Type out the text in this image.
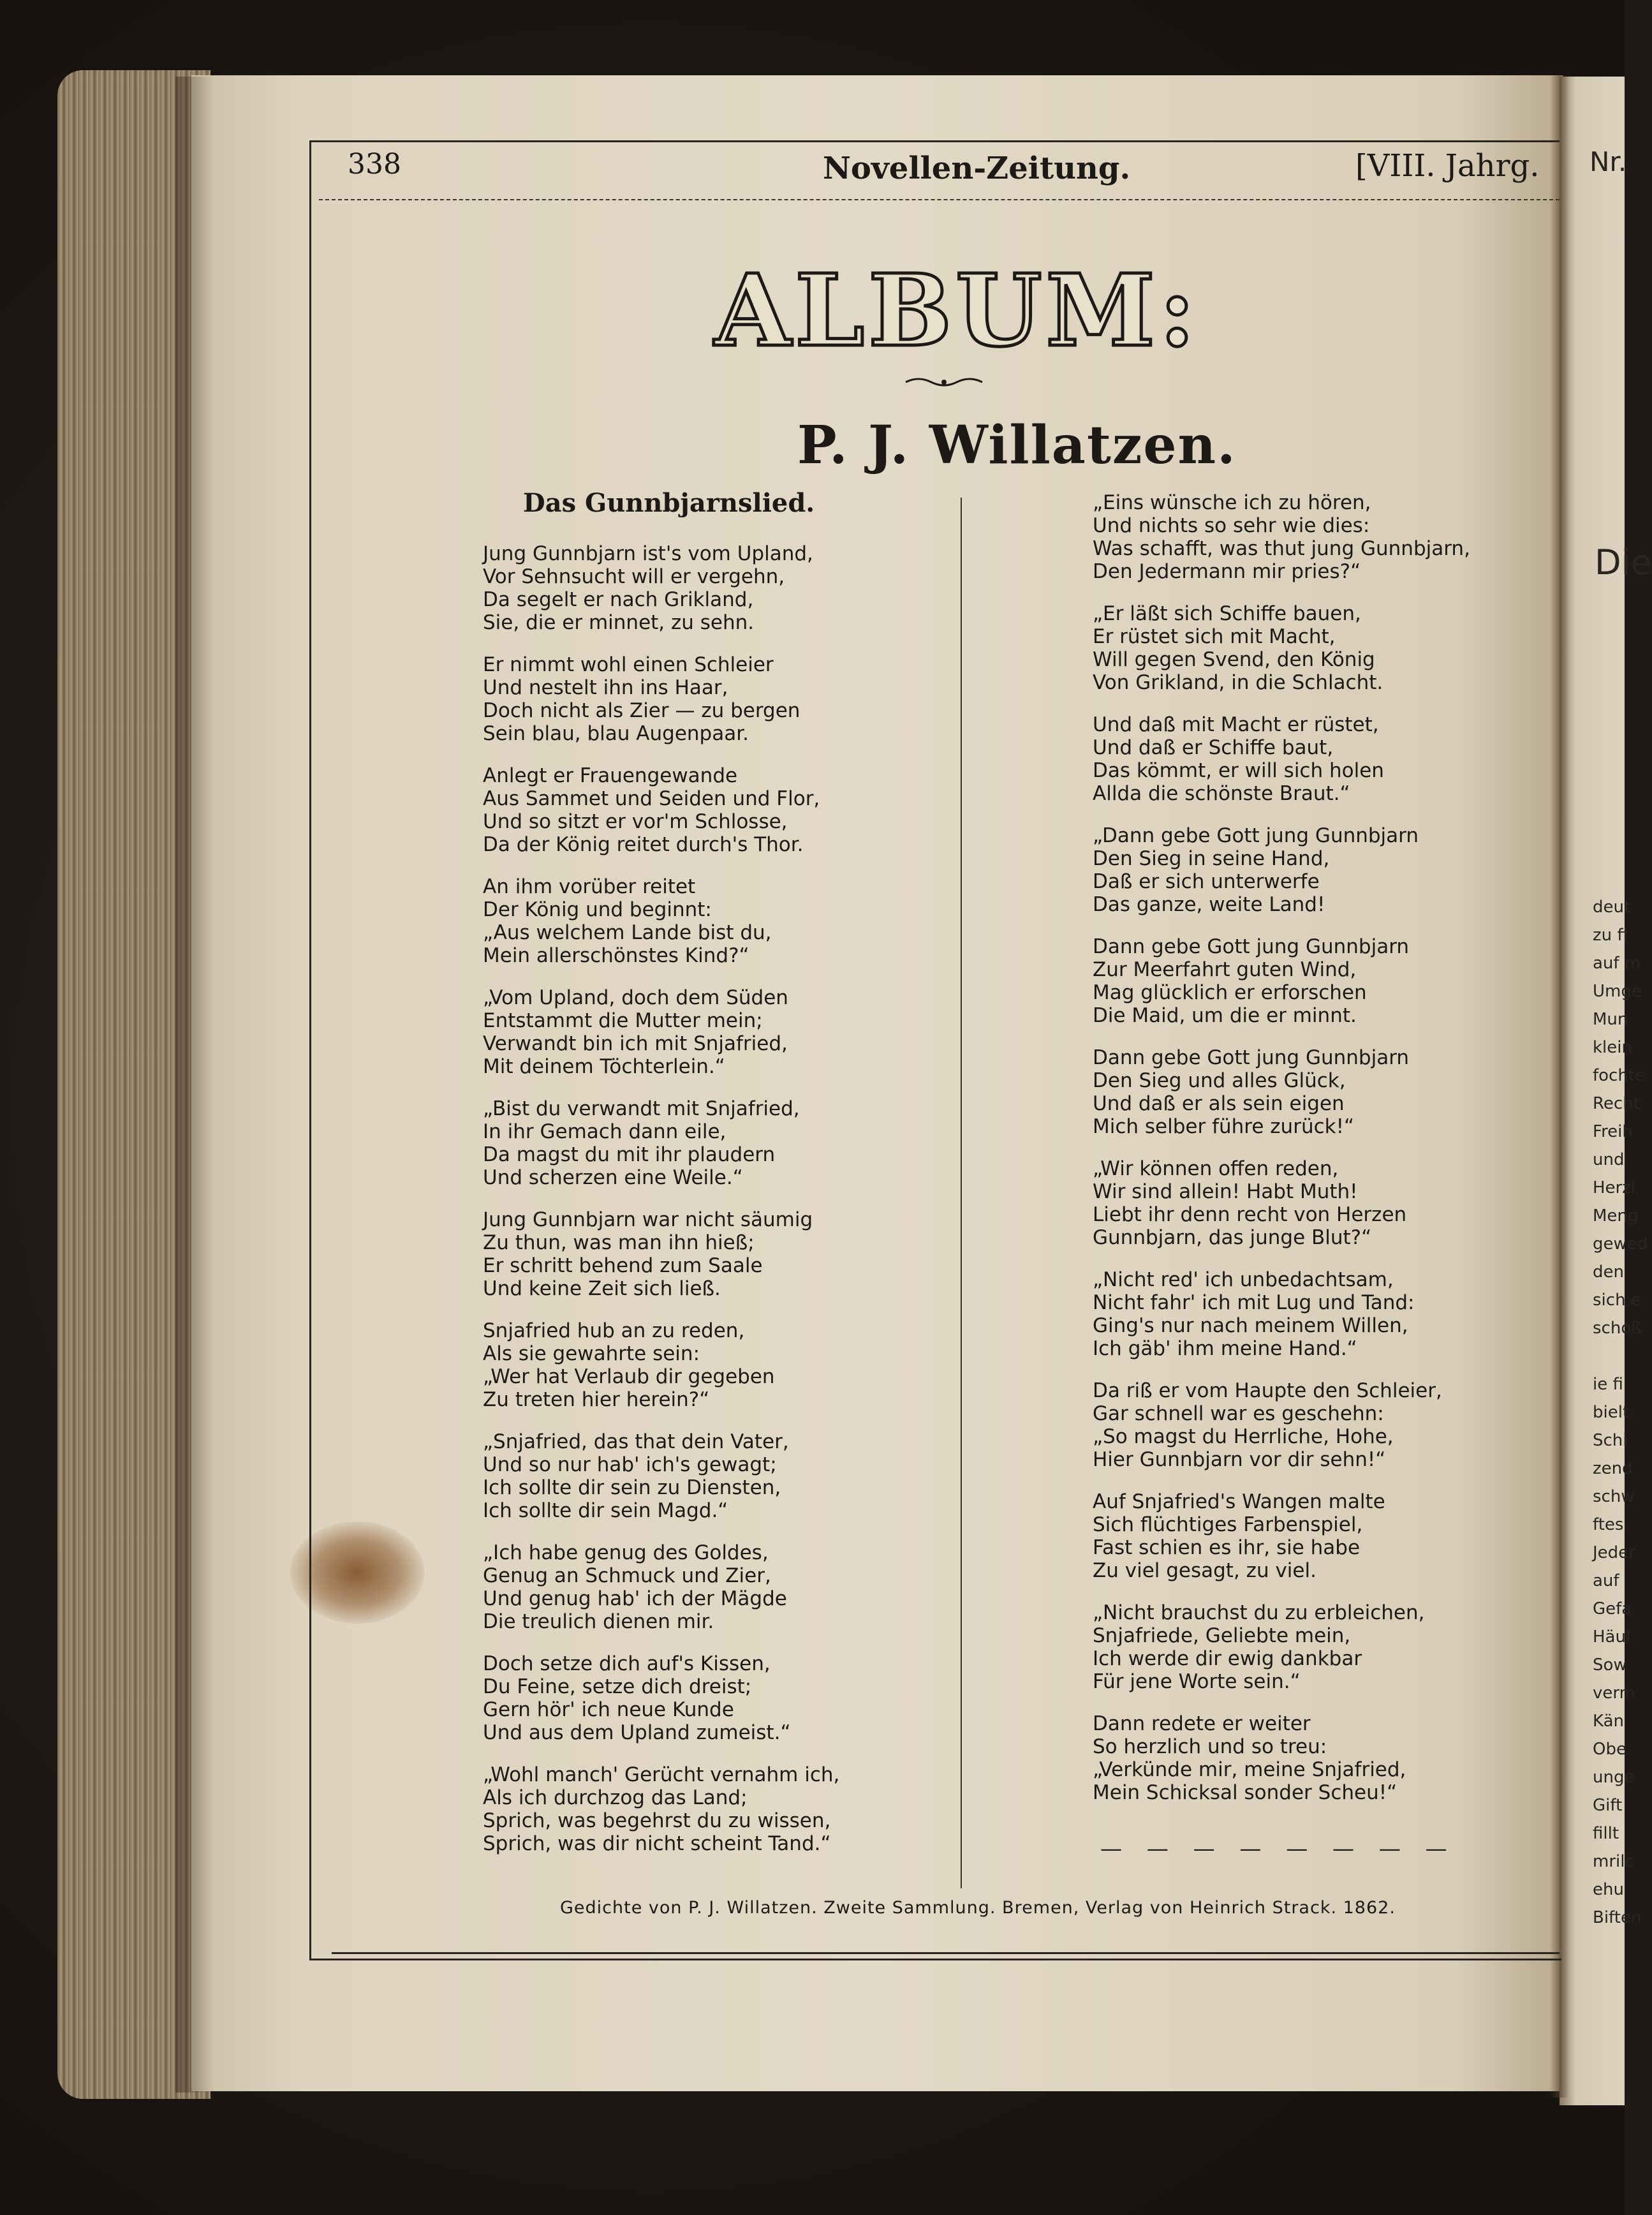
338	Novellen-Zeitung.	[VIII. Jahrg.
ALBUM:
P. J. Willatzen.
Das Gunnbjarnslied.
Jung Gunnbjarn ist's vom Upland,
Vor Sehnsucht will er vergehn,
Da segelt er nach Grikland,
Sie, die er minnet, zu sehn.
Er nimmt wohl einen Schleier
Und nestelt ihn ins Haar,
Doch nicht als Zier — zu bergen
Sein blau, blau Augenpaar.
Anlegt er Frauengewande
Aus Sammet und Seiden und Flor,
Und so sitzt er vor'm Schlosse,
Da der König reitet durch's Thor.
An ihm vorüber reitet
Der König und beginnt:
„Aus welchem Lande bist du,
Mein allerschönstes Kind?“
„Vom Upland, doch dem Süden
Entstammt die Mutter mein;
Verwandt bin ich mit Snjafried,
Mit deinem Töchterlein.“
„Bist du verwandt mit Snjafried,
In ihr Gemach dann eile,
Da magst du mit ihr plaudern
Und scherzen eine Weile.“
Jung Gunnbjarn war nicht säumig
Zu thun, was man ihn hieß;
Er schritt behend zum Saale
Und keine Zeit sich ließ.
Snjafried hub an zu reden,
Als sie gewahrte sein:
„Wer hat Verlaub dir gegeben
Zu treten hier herein?“
„Snjafried, das that dein Vater,
Und so nur hab' ich's gewagt;
Ich sollte dir sein zu Diensten,
Ich sollte dir sein Magd.“
„Ich habe genug des Goldes,
Genug an Schmuck und Zier,
Und genug hab' ich der Mägde
Die treulich dienen mir.
Doch setze dich auf's Kissen,
Du Feine, setze dich dreist;
Gern hör' ich neue Kunde
Und aus dem Upland zumeist.“
„Wohl manch' Gerücht vernahm ich,
Als ich durchzog das Land;
Sprich, was begehrst du zu wissen,
Sprich, was dir nicht scheint Tand.“
„Eins wünsche ich zu hören,
Und nichts so sehr wie dies:
Was schafft, was thut jung Gunnbjarn,
Den Jedermann mir pries?“
„Er läßt sich Schiffe bauen,
Er rüstet sich mit Macht,
Will gegen Svend, den König
Von Grikland, in die Schlacht.
Und daß mit Macht er rüstet,
Und daß er Schiffe baut,
Das kömmt, er will sich holen
Allda die schönste Braut.“
„Dann gebe Gott jung Gunnbjarn
Den Sieg in seine Hand,
Daß er sich unterwerfe
Das ganze, weite Land!
Dann gebe Gott jung Gunnbjarn
Zur Meerfahrt guten Wind,
Mag glücklich er erforschen
Die Maid, um die er minnt.
Dann gebe Gott jung Gunnbjarn
Den Sieg und alles Glück,
Und daß er als sein eigen
Mich selber führe zurück!“
„Wir können offen reden,
Wir sind allein! Habt Muth!
Liebt ihr denn recht von Herzen
Gunnbjarn, das junge Blut?“
„Nicht red' ich unbedachtsam,
Nicht fahr' ich mit Lug und Tand:
Ging's nur nach meinem Willen,
Ich gäb' ihm meine Hand.“
Da riß er vom Haupte den Schleier,
Gar schnell war es geschehn:
„So magst du Herrliche, Hohe,
Hier Gunnbjarn vor dir sehn!“
Auf Snjafried's Wangen malte
Sich flüchtiges Farbenspiel,
Fast schien es ihr, sie habe
Zu viel gesagt, zu viel.
„Nicht brauchst du zu erbleichen,
Snjafriede, Geliebte mein,
Ich werde dir ewig dankbar
Für jene Worte sein.“
Dann redete er weiter
So herzlich und so treu:
„Verkünde mir, meine Snjafried,
Mein Schicksal sonder Scheu!“
— — — — — — — —
Gedichte von P. J. Willatzen. Zweite Sammlung. Bremen, Verlag von Heinrich Strack. 1862.
Nr.
Die
deut
zu fi
auf m
Umge
Mun
klein
fochte
Recht
Freih
und
Herzl
Meng
gewed
den
sich e
schoß
ie fi
bielt
Schi
zend
schw
ftes
Jeder
auf
Gefa
Häul
Sow
verm
Kän
Obe
unge
Gift
fillt
mrilc
ehu
Biften
